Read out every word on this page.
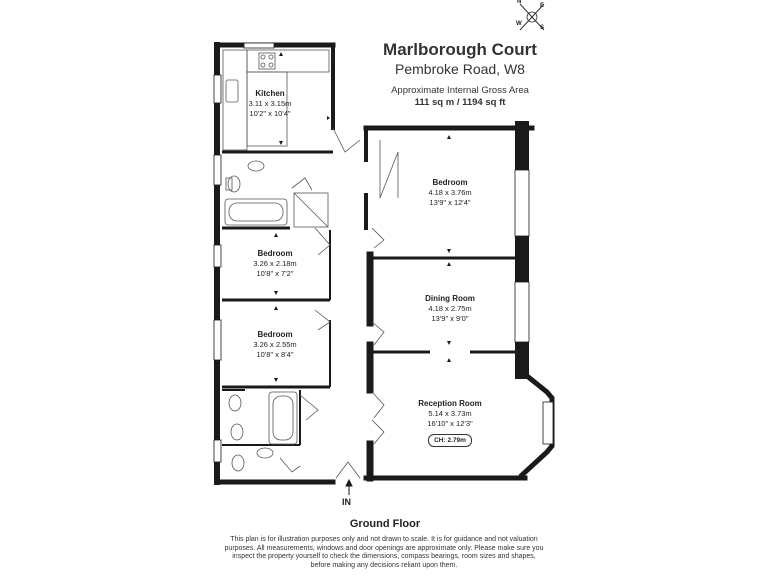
N
E
S
W
Marlborough Court
Pembroke Road, W8
Approximate Internal Gross Area
111 sq m / 1194 sq ft
Kitchen
3.11 x 3.15m
10'2" x 10'4"
Bedroom
4.18 x 3.76m
13'9" x 12'4"
Bedroom
3.26 x 2.18m
10'8" x 7'2"
Dining Room
4.18 x 2.75m
13'9" x 9'0"
Bedroom
3.26 x 2.55m
10'8" x 8'4"
Reception Room
5.14 x 3.73m
16'10" x 12'3"
CH: 2.79m
IN
Ground Floor
This plan is for illustration purposes only and not drawn to scale. It is for guidance and not valuation purposes. All measurements, windows and door openings are approximate only. Please make sure you inspect the property yourself to check the dimensions, compass bearings, room sizes and shapes, before making any decisions reliant upon them.
